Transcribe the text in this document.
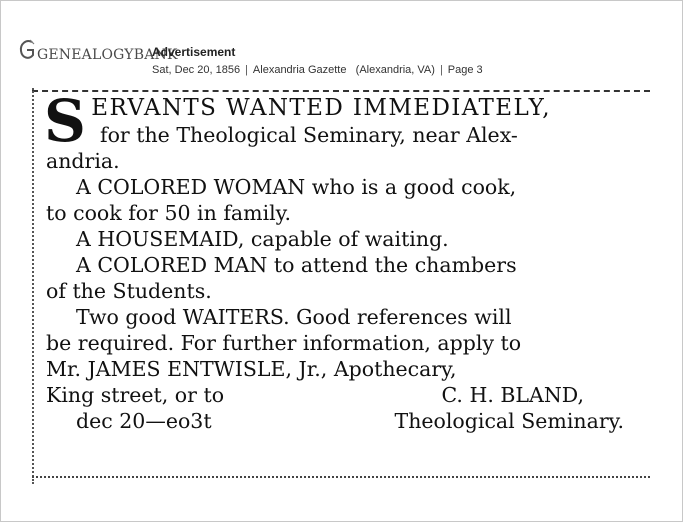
GENEALOGYBANK
Advertisement
Sat, Dec 20, 1856 | Alexandria Gazette (Alexandria, VA) | Page 3
SERVANTS WANTED IMMEDIATELY,
for the Theological Seminary, near Alex-
andria.
A COLORED WOMAN who is a good cook,
to cook for 50 in family.
A HOUSEMAID, capable of waiting.
A COLORED MAN to attend the chambers
of the Students.
Two good WAITERS. Good references will
be required. For further information, apply to
Mr. JAMES ENTWISLE, Jr., Apothecary,
King street, or to	C. H. BLAND,
dec 20—eo3t	Theological Seminary.
